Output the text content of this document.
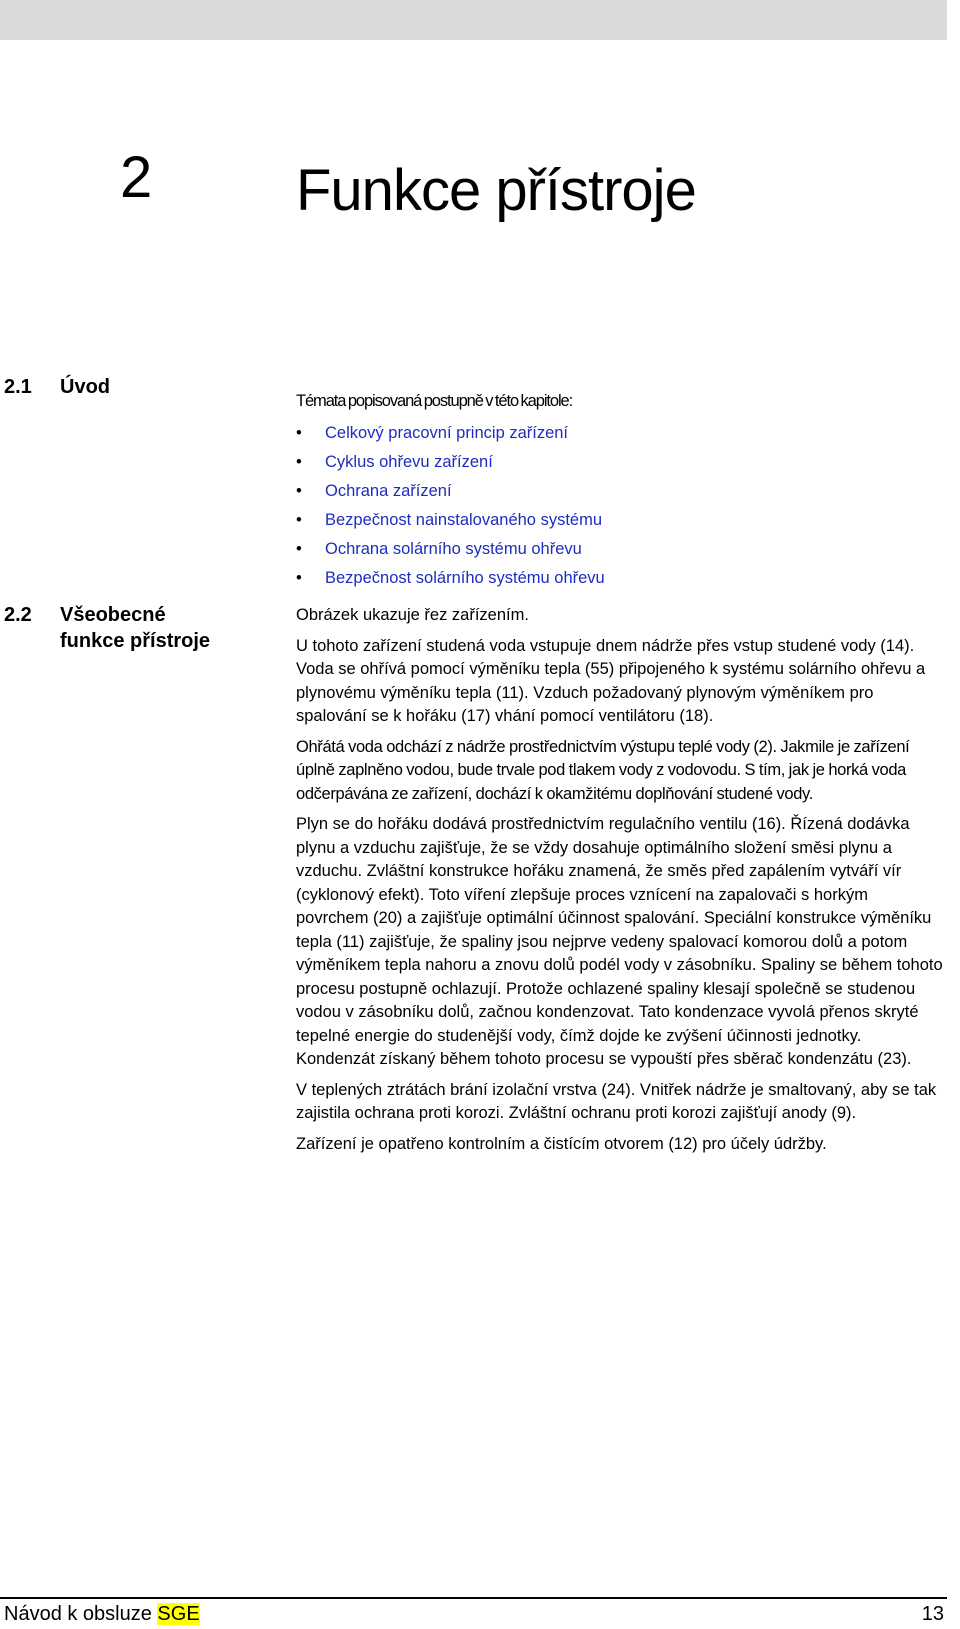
2 Funkce přístroje
2.1 Úvod

Témata popisovaná postupně v této kapitole:

• Celkový pracovní princip zařízení
• Cyklus ohřevu zařízení
• Ochrana zařízení
• Bezpečnost nainstalovaného systému
• Ochrana solárního systému ohřevu
• Bezpečnost solárního systému ohřevu
2.2 Všeobecné
funkce přístroje

Obrázek ukazuje řez zařízením.

U tohoto zařízení studená voda vstupuje dnem nádrže přes vstup studené vody (14). Voda se ohřívá pomocí výměníku tepla (55) připojeného k systému solárního ohřevu a plynovému výměníku tepla (11). Vzduch požadovaný plynovým výměníkem pro spalování se k hořáku (17) vhání pomocí ventilátoru (18).

Ohřátá voda odchází z nádrže prostřednictvím výstupu teplé vody (2). Jakmile je zařízení úplně zaplněno vodou, bude trvale pod tlakem vody z vodovodu. S tím, jak je horká voda odčerpávána ze zařízení, dochází k okamžitému doplňování studené vody.

Plyn se do hořáku dodává prostřednictvím regulačního ventilu (16). Řízená dodávka plynu a vzduchu zajišťuje, že se vždy dosahuje optimálního složení směsi plynu a vzduchu. Zvláštní konstrukce hořáku znamená, že směs před zapálením vytváří vír (cyklonový efekt). Toto víření zlepšuje proces vznícení na zapalovači s horkým povrchem (20) a zajišťuje optimální účinnost spalování. Speciální konstrukce výměníku tepla (11) zajišťuje, že spaliny jsou nejprve vedeny spalovací komorou dolů a potom výměníkem tepla nahoru a znovu dolů podél vody v zásobníku. Spaliny se během tohoto procesu postupně ochlazují. Protože ochlazené spaliny klesají společně se studenou vodou v zásobníku dolů, začnou kondenzovat. Tato kondenzace vyvolá přenos skryté tepelné energie do studenější vody, čímž dojde ke zvýšení účinnosti jednotky. Kondenzát získaný během tohoto procesu se vypouští přes sběrač kondenzátu (23).

V teplených ztrátách brání izolační vrstva (24). Vnitřek nádrže je smaltovaný, aby se tak zajistila ochrana proti korozi. Zvláštní ochranu proti korozi zajišťují anody (9).

Zařízení je opatřeno kontrolním a čistícím otvorem (12) pro účely údržby.

Návod k obsluze SGE	13
